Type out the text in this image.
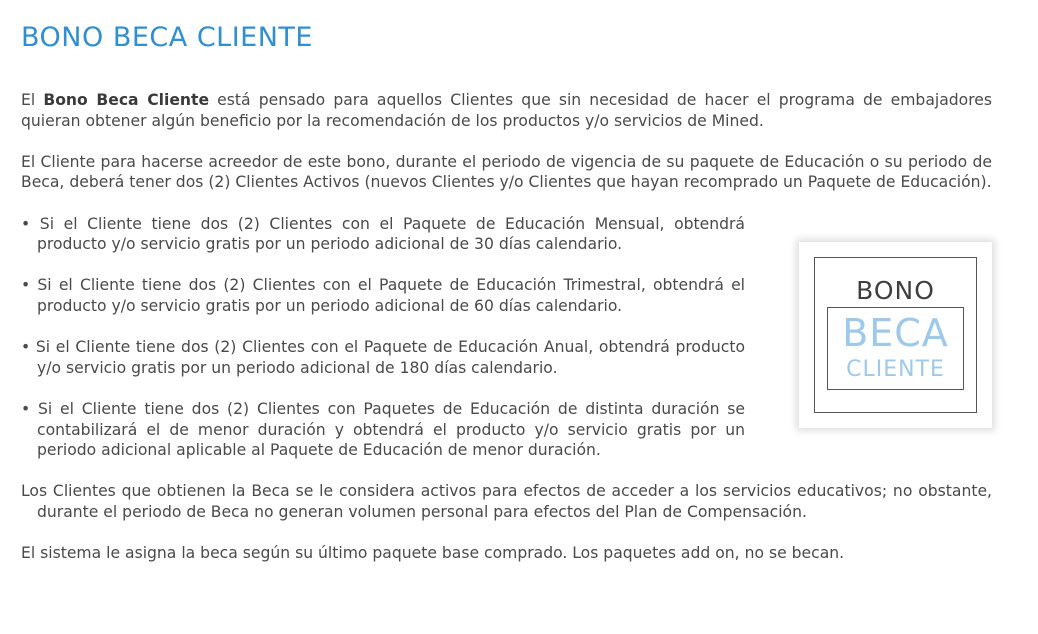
BONO BECA CLIENTE

El Bono Beca Cliente está pensado para aquellos Clientes que sin necesidad de hacer el programa de embajadores quieran obtener algún beneficio por la recomendación de los productos y/o servicios de Mined.

El Cliente para hacerse acreedor de este bono, durante el periodo de vigencia de su paquete de Educación o su periodo de Beca, deberá tener dos (2) Clientes Activos (nuevos Clientes y/o Clientes que hayan recomprado un Paquete de Educación).

• Si el Cliente tiene dos (2) Clientes con el Paquete de Educación Mensual, obtendrá producto y/o servicio gratis por un periodo adicional de 30 días calendario.
• Si el Cliente tiene dos (2) Clientes con el Paquete de Educación Trimestral, obtendrá el producto y/o servicio gratis por un periodo adicional de 60 días calendario.
• Si el Cliente tiene dos (2) Clientes con el Paquete de Educación Anual, obtendrá producto y/o servicio gratis por un periodo adicional de 180 días calendario.
• Si el Cliente tiene dos (2) Clientes con Paquetes de Educación de distinta duración se contabilizará el de menor duración y obtendrá el producto y/o servicio gratis por un periodo adicional aplicable al Paquete de Educación de menor duración.

Los Clientes que obtienen la Beca se le considera activos para efectos de acceder a los servicios educativos; no obstante, durante el periodo de Beca no generan volumen personal para efectos del Plan de Compensación.

El sistema le asigna la beca según su último paquete base comprado. Los paquetes add on, no se becan.

BONO
BECA
CLIENTE
